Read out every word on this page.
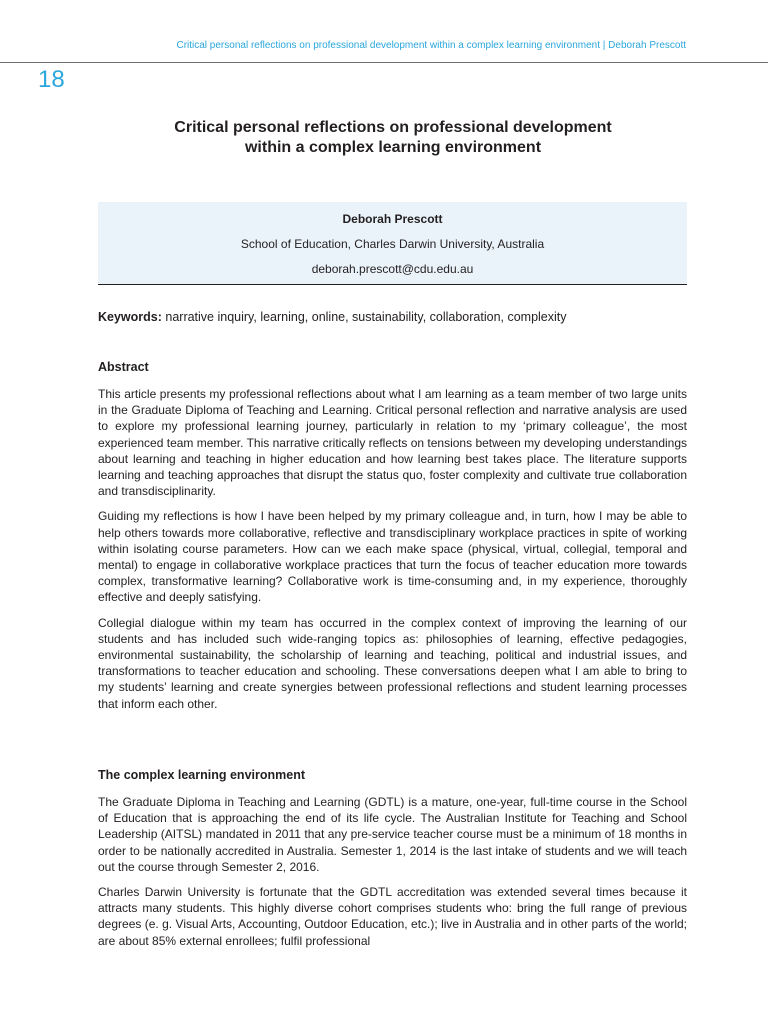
Critical personal reflections on professional development within a complex learning environment | Deborah Prescott
18
Critical personal reflections on professional development
within a complex learning environment
Deborah Prescott
School of Education, Charles Darwin University, Australia
deborah.prescott@cdu.edu.au
Keywords: narrative inquiry, learning, online, sustainability, collaboration, complexity
Abstract

This article presents my professional reflections about what I am learning as a team member of two large units in the Graduate Diploma of Teaching and Learning. Critical personal reflection and narrative analysis are used to explore my professional learning journey, particularly in relation to my ‘primary colleague’, the most experienced team member. This narrative critically reflects on tensions between my developing understandings about learning and teaching in higher education and how learning best takes place. The literature supports learning and teaching approaches that disrupt the status quo, foster complexity and cultivate true collaboration and transdisciplinarity.

Guiding my reflections is how I have been helped by my primary colleague and, in turn, how I may be able to help others towards more collaborative, reflective and transdisciplinary workplace practices in spite of working within isolating course parameters. How can we each make space (physical, virtual, collegial, temporal and mental) to engage in collaborative workplace practices that turn the focus of teacher education more towards complex, transformative learning? Collaborative work is time-consuming and, in my experience, thoroughly effective and deeply satisfying.

Collegial dialogue within my team has occurred in the complex context of improving the learning of our students and has included such wide-ranging topics as: philosophies of learning, effective pedagogies, environmental sustainability, the scholarship of learning and teaching, political and industrial issues, and transformations to teacher education and schooling. These conversations deepen what I am able to bring to my students’ learning and create synergies between professional reflections and student learning processes that inform each other.

The complex learning environment

The Graduate Diploma in Teaching and Learning (GDTL) is a mature, one-year, full-time course in the School of Education that is approaching the end of its life cycle. The Australian Institute for Teaching and School Leadership (AITSL) mandated in 2011 that any pre-service teacher course must be a minimum of 18 months in order to be nationally accredited in Australia. Semester 1, 2014 is the last intake of students and we will teach out the course through Semester 2, 2016.

Charles Darwin University is fortunate that the GDTL accreditation was extended several times because it attracts many students. This highly diverse cohort comprises students who: bring the full range of previous degrees (e. g. Visual Arts, Accounting, Outdoor Education, etc.); live in Australia and in other parts of the world; are about 85% external enrollees; fulfil professional
